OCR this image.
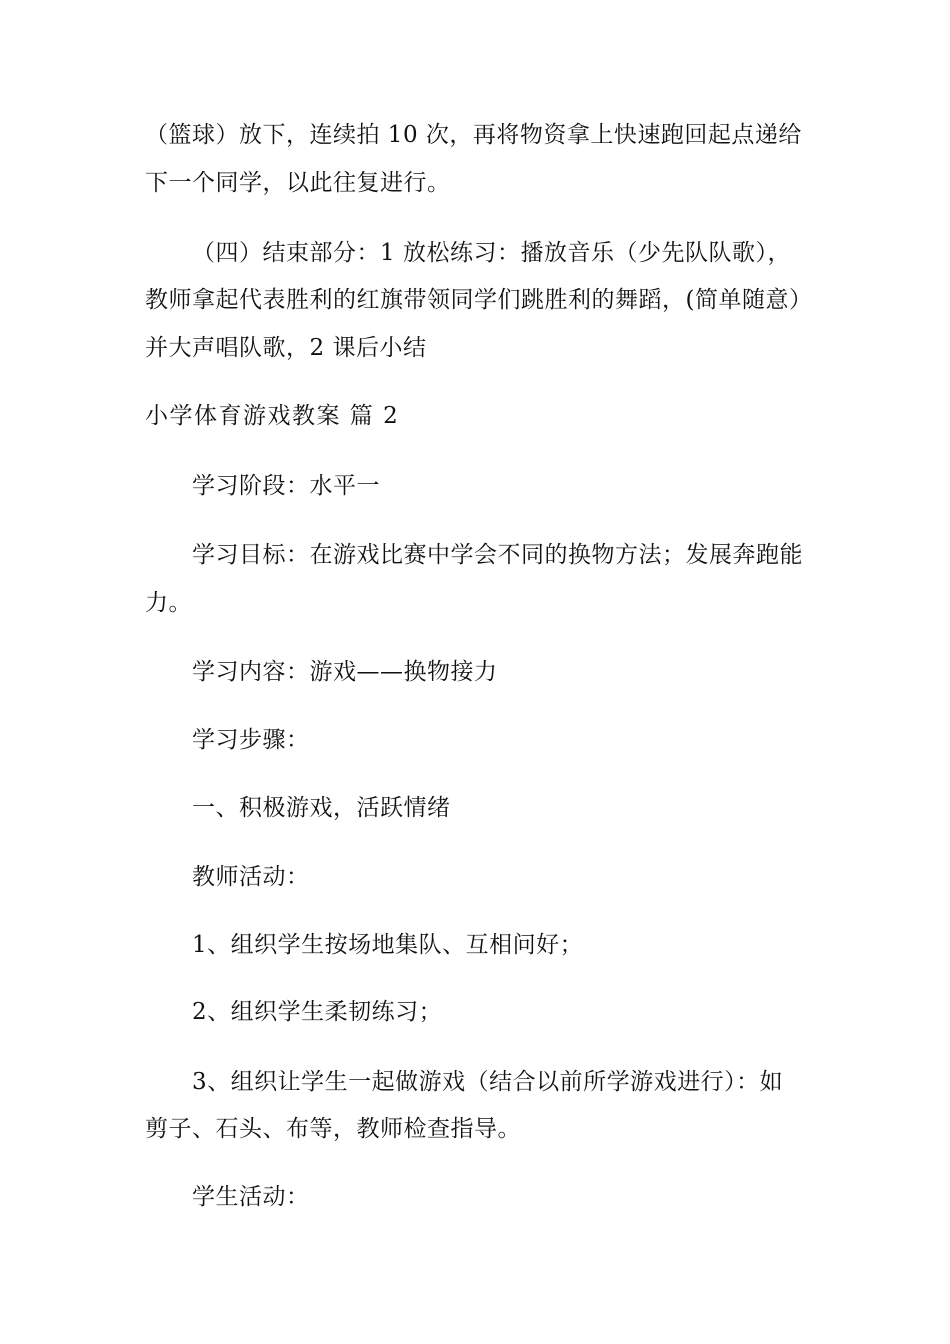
（篮球）放下，连续拍 10 次，再将物资拿上快速跑回起点递给

下一个同学，以此往复进行。

（四）结束部分：1 放松练习：播放音乐（少先队队歌），

教师拿起代表胜利的红旗带领同学们跳胜利的舞蹈，(简单随意）

并大声唱队歌，2 课后小结

小学体育游戏教案 篇 2

学习阶段：水平一

学习目标：在游戏比赛中学会不同的换物方法；发展奔跑能

力。

学习内容：游戏——换物接力

学习步骤：

一、积极游戏，活跃情绪

教师活动：

1、组织学生按场地集队、互相问好；

2、组织学生柔韧练习；

3、组织让学生一起做游戏（结合以前所学游戏进行）：如

剪子、石头、布等，教师检查指导。

学生活动：
